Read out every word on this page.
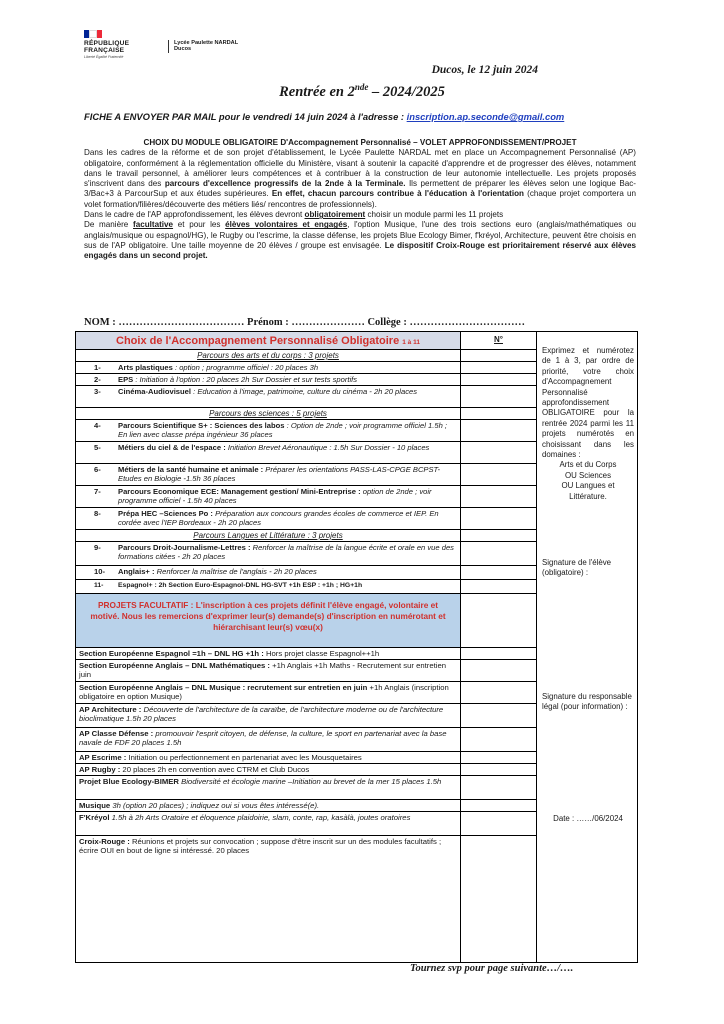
RÉPUBLIQUE
FRANÇAISE
Liberté Égalité Fraternité
Lycée Paulette NARDAL
Ducos
Ducos, le 12 juin 2024
Rentrée en 2nde – 2024/2025
FICHE A ENVOYER PAR MAIL pour le vendredi 14 juin 2024 à l'adresse : inscription.ap.seconde@gmail.com
CHOIX DU MODULE OBLIGATOIRE D'Accompagnement Personnalisé – VOLET APPROFONDISSEMENT/PROJET
Dans les cadres de la réforme et de son projet d'établissement, le Lycée Paulette NARDAL met en place un Accompagnement Personnalisé (AP) obligatoire, conformément à la réglementation officielle du Ministère, visant à soutenir la capacité d'apprendre et de progresser des élèves, notamment dans le travail personnel, à améliorer leurs compétences et à contribuer à la construction de leur autonomie intellectuelle. Les projets proposés s'inscrivent dans des parcours d'excellence progressifs de la 2nde à la Terminale. Ils permettent de préparer les élèves selon une logique Bac-3/Bac+3 à ParcourSup et aux études supérieures. En effet, chacun parcours contribue à l'éducation à l'orientation (chaque projet comportera un volet formation/filières/découverte des métiers liés/ rencontres de professionnels).
Dans le cadre de l'AP approfondissement, les élèves devront obligatoirement choisir un module parmi les 11 projets
De manière facultative et pour les élèves volontaires et engagés, l'option Musique, l'une des trois sections euro (anglais/mathématiques ou anglais/musique ou espagnol/HG), le Rugby ou l'escrime, la classe défense, les projets Blue Ecology Bimer, f'kréyol, Architecture, peuvent être choisis en sus de l'AP obligatoire. Une taille moyenne de 20 élèves / groupe est envisagée. Le dispositif Croix-Rouge est prioritairement réservé aux élèves engagés dans un second projet.
NOM : ……………………………… Prénom : ………………… Collège : ……………………………
Choix de l'Accompagnement Personnalisé Obligatoire 1 à 11	N°
Parcours des arts et du corps : 3 projets
1- Arts plastiques : option ; programme officiel : 20 places 3h
2- EPS : Initiation à l'option : 20 places 2h Sur Dossier et sur tests sportifs
3- Cinéma-Audiovisuel : Education à l'image, patrimoine, culture du cinéma - 2h 20 places
Parcours des sciences : 5 projets
4- Parcours Scientifique S+ : Sciences des labos : Option de 2nde ; voir programme officiel 1.5h ; En lien avec classe prépa ingénieur 36 places
5- Métiers du ciel & de l'espace : Initiation Brevet Aéronautique : 1.5h Sur Dossier - 10 places
6- Métiers de la santé humaine et animale : Préparer les orientations PASS-LAS-CPGE BCPST- Etudes en Biologie -1.5h 36 places
7- Parcours Economique ECE: Management gestion/ Mini-Entreprise : option de 2nde ; voir programme officiel - 1.5h 40 places
8- Prépa HEC –Sciences Po : Préparation aux concours grandes écoles de commerce et IEP. En cordée avec l'IEP Bordeaux - 2h 20 places
Parcours Langues et Littérature : 3 projets
9- Parcours Droit-Journalisme-Lettres : Renforcer la maîtrise de la langue écrite et orale en vue des formations citées - 2h 20 places
10- Anglais+ : Renforcer la maîtrise de l'anglais - 2h 20 places
11- Espagnol+ : 2h Section Euro-Espagnol-DNL HG-SVT +1h ESP : +1h ; HG+1h
PROJETS FACULTATIF : L'inscription à ces projets définit l'élève engagé, volontaire et motivé. Nous les remercions d'exprimer leur(s) demande(s) d'inscription en numérotant et hiérarchisant leur(s) vœu(x)
Section Européenne Espagnol =1h – DNL HG +1h : Hors projet classe Espagnol++1h
Section Européenne Anglais – DNL Mathématiques : +1h Anglais +1h Maths - Recrutement sur entretien juin
Section Européenne Anglais – DNL Musique : recrutement sur entretien en juin +1h Anglais (inscription obligatoire en option Musique)
AP Architecture : Découverte de l'architecture de la caraïbe, de l'architecture moderne ou de l'architecture bioclimatique 1.5h 20 places
AP Classe Défense : promouvoir l'esprit citoyen, de défense, la culture, le sport en partenariat avec la base navale de FDF 20 places 1.5h
AP Escrime : Initiation ou perfectionnement en partenariat avec les Mousquetaires
AP Rugby : 20 places 2h en convention avec CTRM et Club Ducos
Projet Blue Ecology-BIMER Biodiversité et écologie marine –Initiation au brevet de la mer 15 places 1.5h
Musique 3h (option 20 places) ; indiquez oui si vous êtes intéressé(e).
F'Kréyol 1.5h à 2h Arts Oratoire et éloquence plaidoirie, slam, conte, rap, kasàlà, joutes oratoires
Croix-Rouge : Réunions et projets sur convocation ; suppose d'être inscrit sur un des modules facultatifs ; écrire OUI en bout de ligne si intéressé. 20 places
Exprimez et numérotez de 1 à 3, par ordre de priorité, votre choix d'Accompagnement Personnalisé approfondissement OBLIGATOIRE pour la rentrée 2024 parmi les 11 projets numérotés en choisissant dans les domaines :
Arts et du Corps
OU Sciences
OU Langues et Littérature.
Signature de l'élève (obligatoire) :
Signature du responsable légal (pour information) :
Date : ……/06/2024
Tournez svp pour page suivante…/….
